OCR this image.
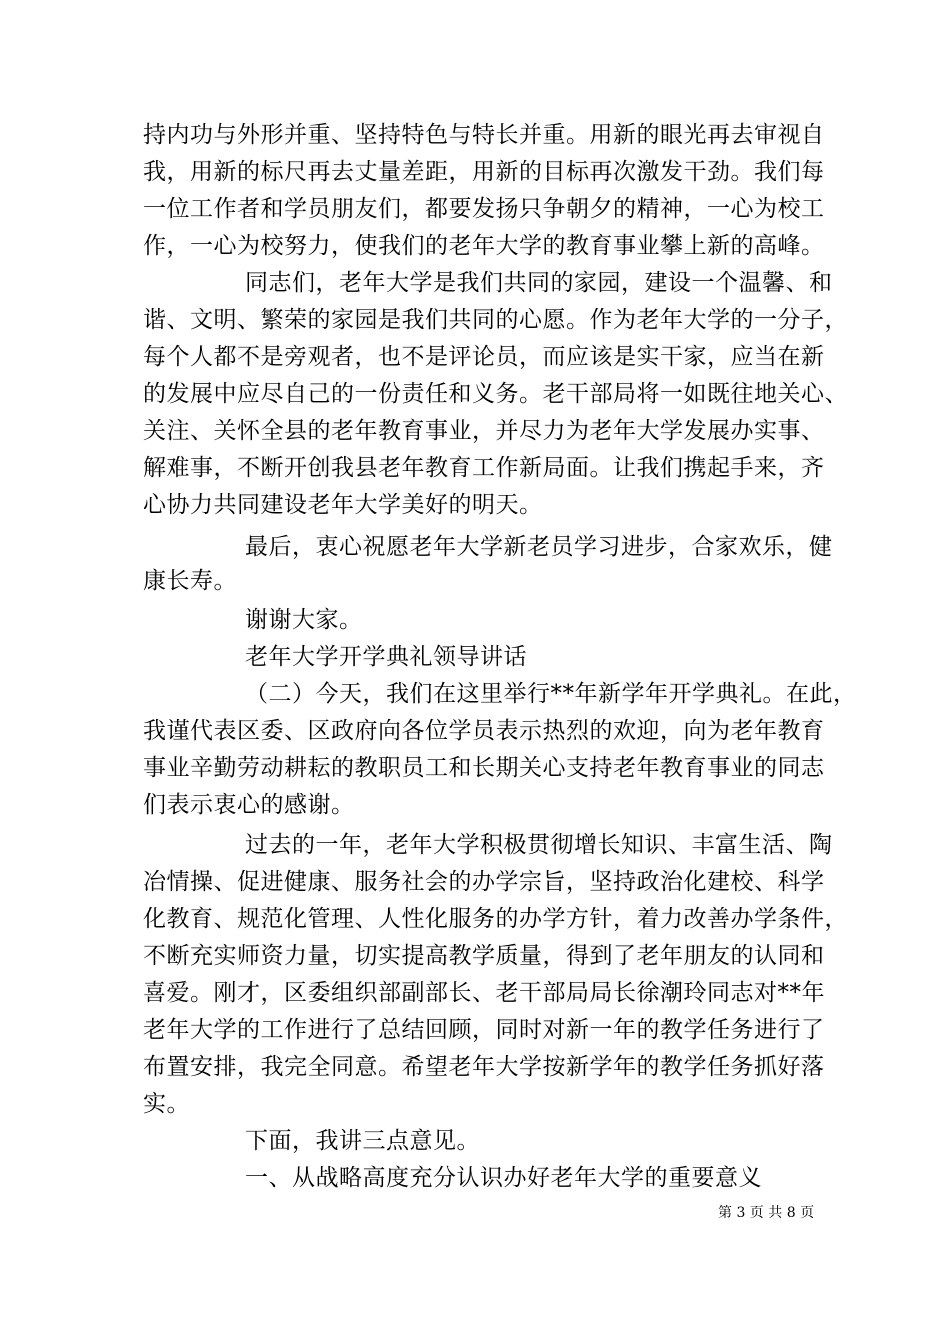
持内功与外形并重、坚持特色与特长并重。用新的眼光再去审视自
我，用新的标尺再去丈量差距，用新的目标再次激发干劲。我们每
一位工作者和学员朋友们，都要发扬只争朝夕的精神，一心为校工
作，一心为校努力，使我们的老年大学的教育事业攀上新的高峰。
同志们，老年大学是我们共同的家园，建设一个温馨、和
谐、文明、繁荣的家园是我们共同的心愿。作为老年大学的一分子，
每个人都不是旁观者，也不是评论员，而应该是实干家，应当在新
的发展中应尽自己的一份责任和义务。老干部局将一如既往地关心、
关注、关怀全县的老年教育事业，并尽力为老年大学发展办实事、
解难事，不断开创我县老年教育工作新局面。让我们携起手来，齐
心协力共同建设老年大学美好的明天。
最后，衷心祝愿老年大学新老员学习进步，合家欢乐，健
康长寿。
谢谢大家。
老年大学开学典礼领导讲话
（二）今天，我们在这里举行**年新学年开学典礼。在此，
我谨代表区委、区政府向各位学员表示热烈的欢迎，向为老年教育
事业辛勤劳动耕耘的教职员工和长期关心支持老年教育事业的同志
们表示衷心的感谢。
过去的一年，老年大学积极贯彻增长知识、丰富生活、陶
冶情操、促进健康、服务社会的办学宗旨，坚持政治化建校、科学
化教育、规范化管理、人性化服务的办学方针，着力改善办学条件，
不断充实师资力量，切实提高教学质量，得到了老年朋友的认同和
喜爱。刚才，区委组织部副部长、老干部局局长徐潮玲同志对**年
老年大学的工作进行了总结回顾，同时对新一年的教学任务进行了
布置安排，我完全同意。希望老年大学按新学年的教学任务抓好落
实。
下面，我讲三点意见。
一、从战略高度充分认识办好老年大学的重要意义
第 3 页 共 8 页
